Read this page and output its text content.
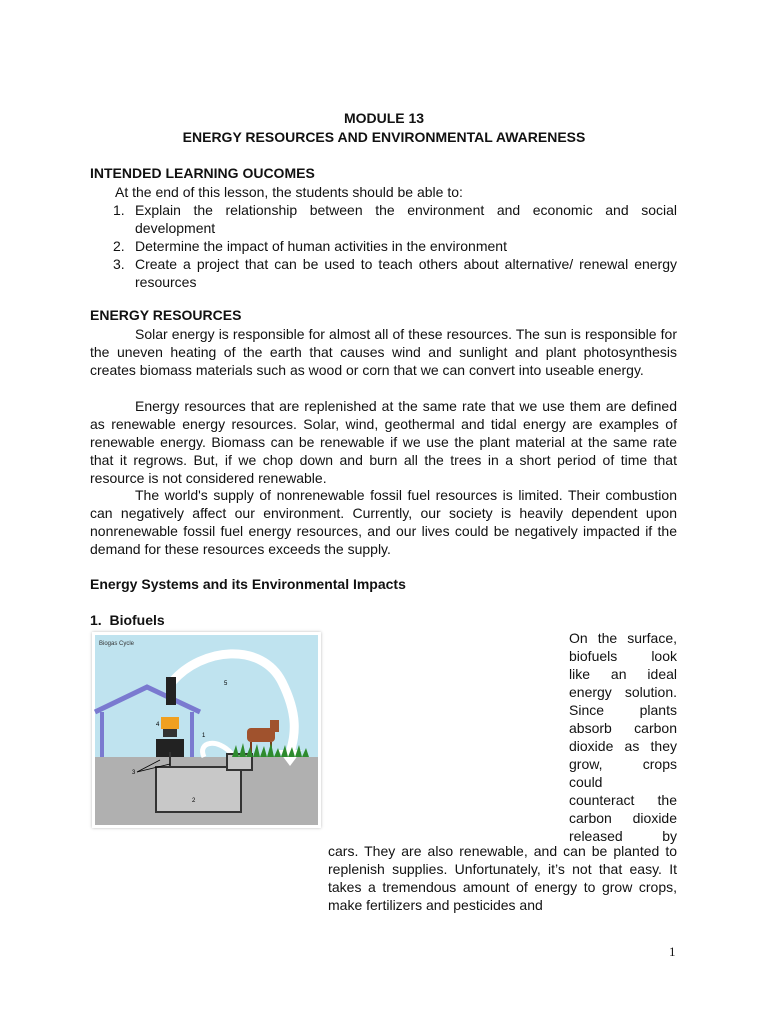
MODULE 13
ENERGY RESOURCES AND ENVIRONMENTAL AWARENESS
INTENDED LEARNING OUCOMES
At the end of this lesson, the students should be able to:
1. Explain the relationship between the environment and economic and social development
2. Determine the impact of human activities in the environment
3. Create a project that can be used to teach others about alternative/ renewal energy resources
ENERGY RESOURCES

Solar energy is responsible for almost all of these resources. The sun is responsible for the uneven heating of the earth that causes wind and sunlight and plant photosynthesis creates biomass materials such as wood or corn that we can convert into useable energy.

Energy resources that are replenished at the same rate that we use them are defined as renewable energy resources. Solar, wind, geothermal and tidal energy are examples of renewable energy. Biomass can be renewable if we use the plant material at the same rate that it regrows. But, if we chop down and burn all the trees in a short period of time that resource is not considered renewable.

The world's supply of nonrenewable fossil fuel resources is limited. Their combustion can negatively affect our environment. Currently, our society is heavily dependent upon nonrenewable fossil fuel energy resources, and our lives could be negatively impacted if the demand for these resources exceeds the supply.

Energy Systems and its Environmental Impacts
1.  Biofuels
Biogas Cycle
1
2
3
4
5
On the surface,
biofuels look
like an ideal
energy solution.
Since plants
absorb carbon
dioxide as they
grow, crops
could
counteract the
carbon dioxide
released by

cars. They are also renewable, and can be planted to replenish supplies. Unfortunately, it’s not that easy. It takes a tremendous amount of energy to grow crops, make fertilizers and pesticides and

1
